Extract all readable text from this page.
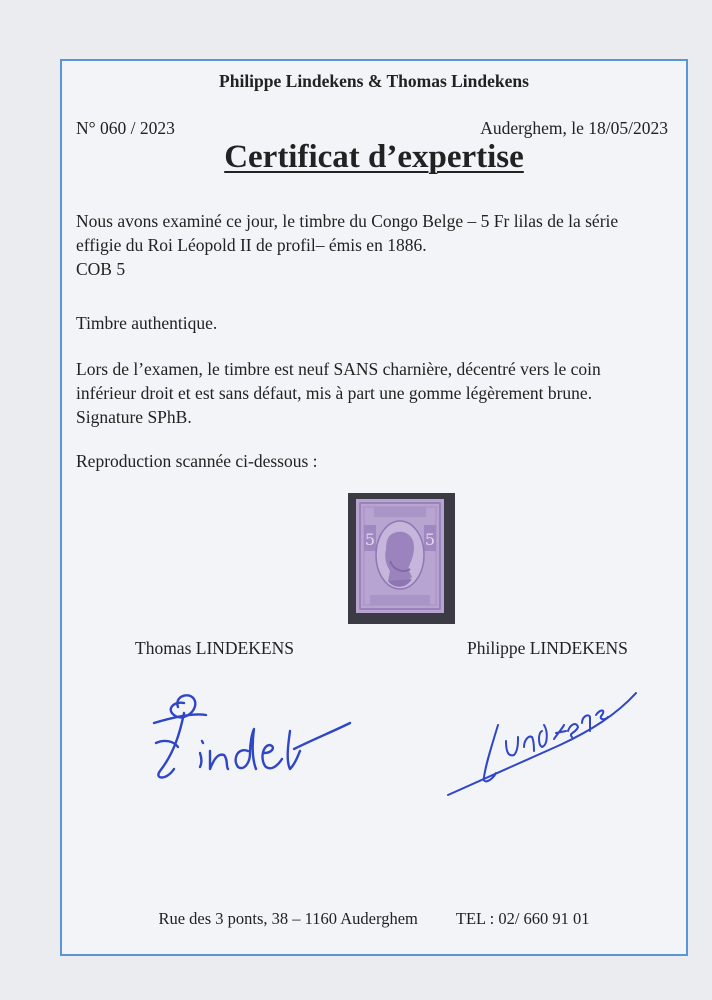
Philippe Lindekens & Thomas Lindekens
N° 060 / 2023	Auderghem, le 18/05/2023
Certificat d’expertise
Nous avons examiné ce jour, le timbre du Congo Belge – 5 Fr lilas de la série
effigie du Roi Léopold II de profil– émis en 1886.
COB 5
Timbre authentique.
Lors de l’examen, le timbre est neuf SANS charnière, décentré vers le coin
inférieur droit et est sans défaut, mis à part une gomme légèrement brune.
Signature SPhB.
Reproduction scannée ci-dessous :
5	5
Thomas LINDEKENS	Philippe LINDEKENS
Rue des 3 ponts, 38 – 1160 Auderghem TEL : 02/ 660 91 01
